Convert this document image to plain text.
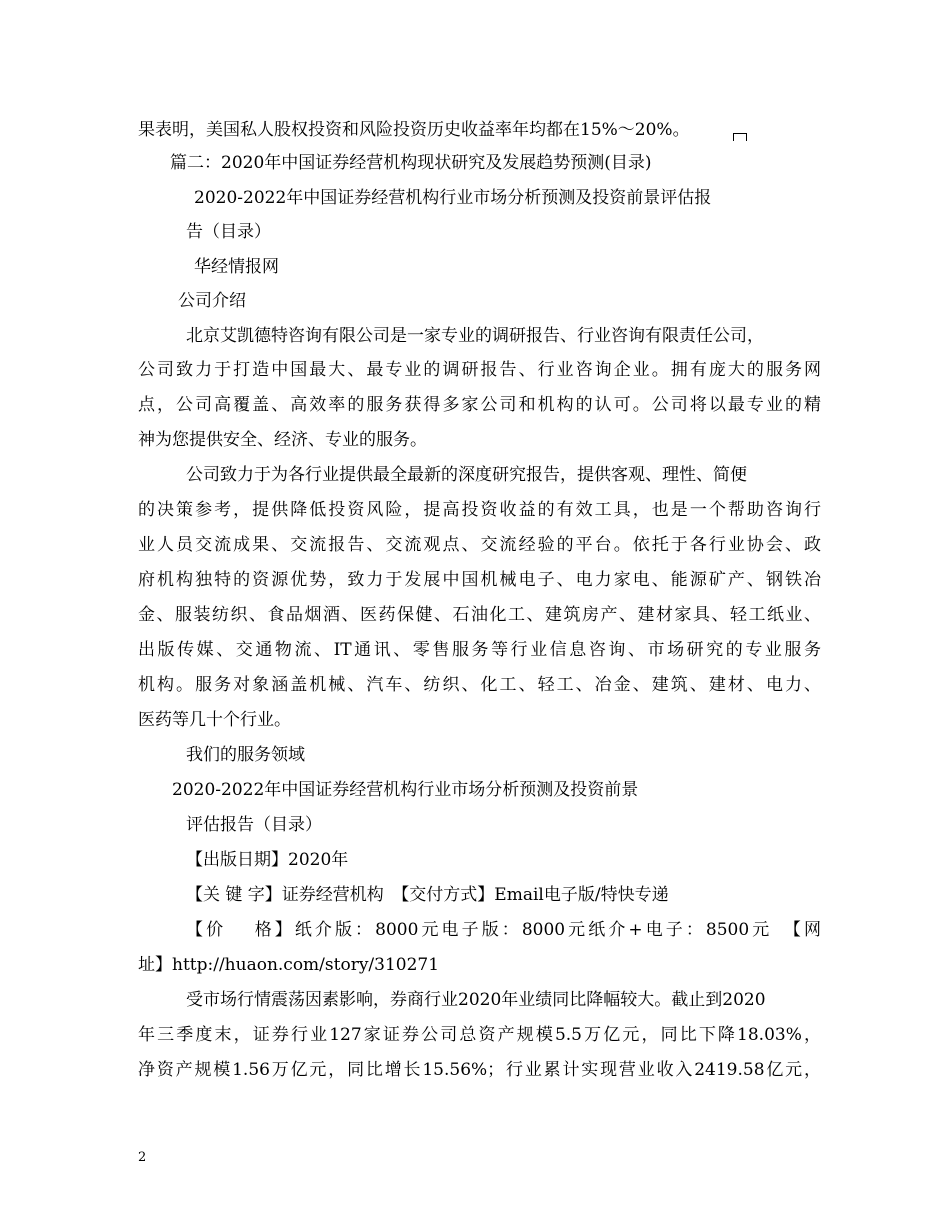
果表明，美国私人股权投资和风险投资历史收益率年均都在15%～20%。
篇二：2020年中国证券经营机构现状研究及发展趋势预测(目录)
2020-2022年中国证券经营机构行业市场分析预测及投资前景评估报
告（目录）
华经情报网
公司介绍
北京艾凯德特咨询有限公司是一家专业的调研报告、行业咨询有限责任公司，
公司致力于打造中国最大、最专业的调研报告、行业咨询企业。拥有庞大的服务网
点，公司高覆盖、高效率的服务获得多家公司和机构的认可。公司将以最专业的精
神为您提供安全、经济、专业的服务。
公司致力于为各行业提供最全最新的深度研究报告，提供客观、理性、简便
的决策参考，提供降低投资风险，提高投资收益的有效工具，也是一个帮助咨询行
业人员交流成果、交流报告、交流观点、交流经验的平台。依托于各行业协会、政
府机构独特的资源优势，致力于发展中国机械电子、电力家电、能源矿产、钢铁冶
金、服装纺织、食品烟酒、医药保健、石油化工、建筑房产、建材家具、轻工纸业、
出版传媒、交通物流、IT通讯、零售服务等行业信息咨询、市场研究的专业服务
机构。服务对象涵盖机械、汽车、纺织、化工、轻工、冶金、建筑、建材、电力、
医药等几十个行业。
我们的服务领域
2020-2022年中国证券经营机构行业市场分析预测及投资前景
评估报告（目录）
【出版日期】2020年
【关 键 字】证券经营机构　【交付方式】Email电子版/特快专递
【价　 格】纸介版：8000元电子版：8000元纸介+电子：8500元　【网
址】http://huaon.com/story/310271
受市场行情震荡因素影响，券商行业2020年业绩同比降幅较大。截止到2020
年三季度末，证券行业127家证券公司总资产规模5.5万亿元，同比下降18.03%，
净资产规模1.56万亿元，同比增长15.56%；行业累计实现营业收入2419.58亿元，
2
